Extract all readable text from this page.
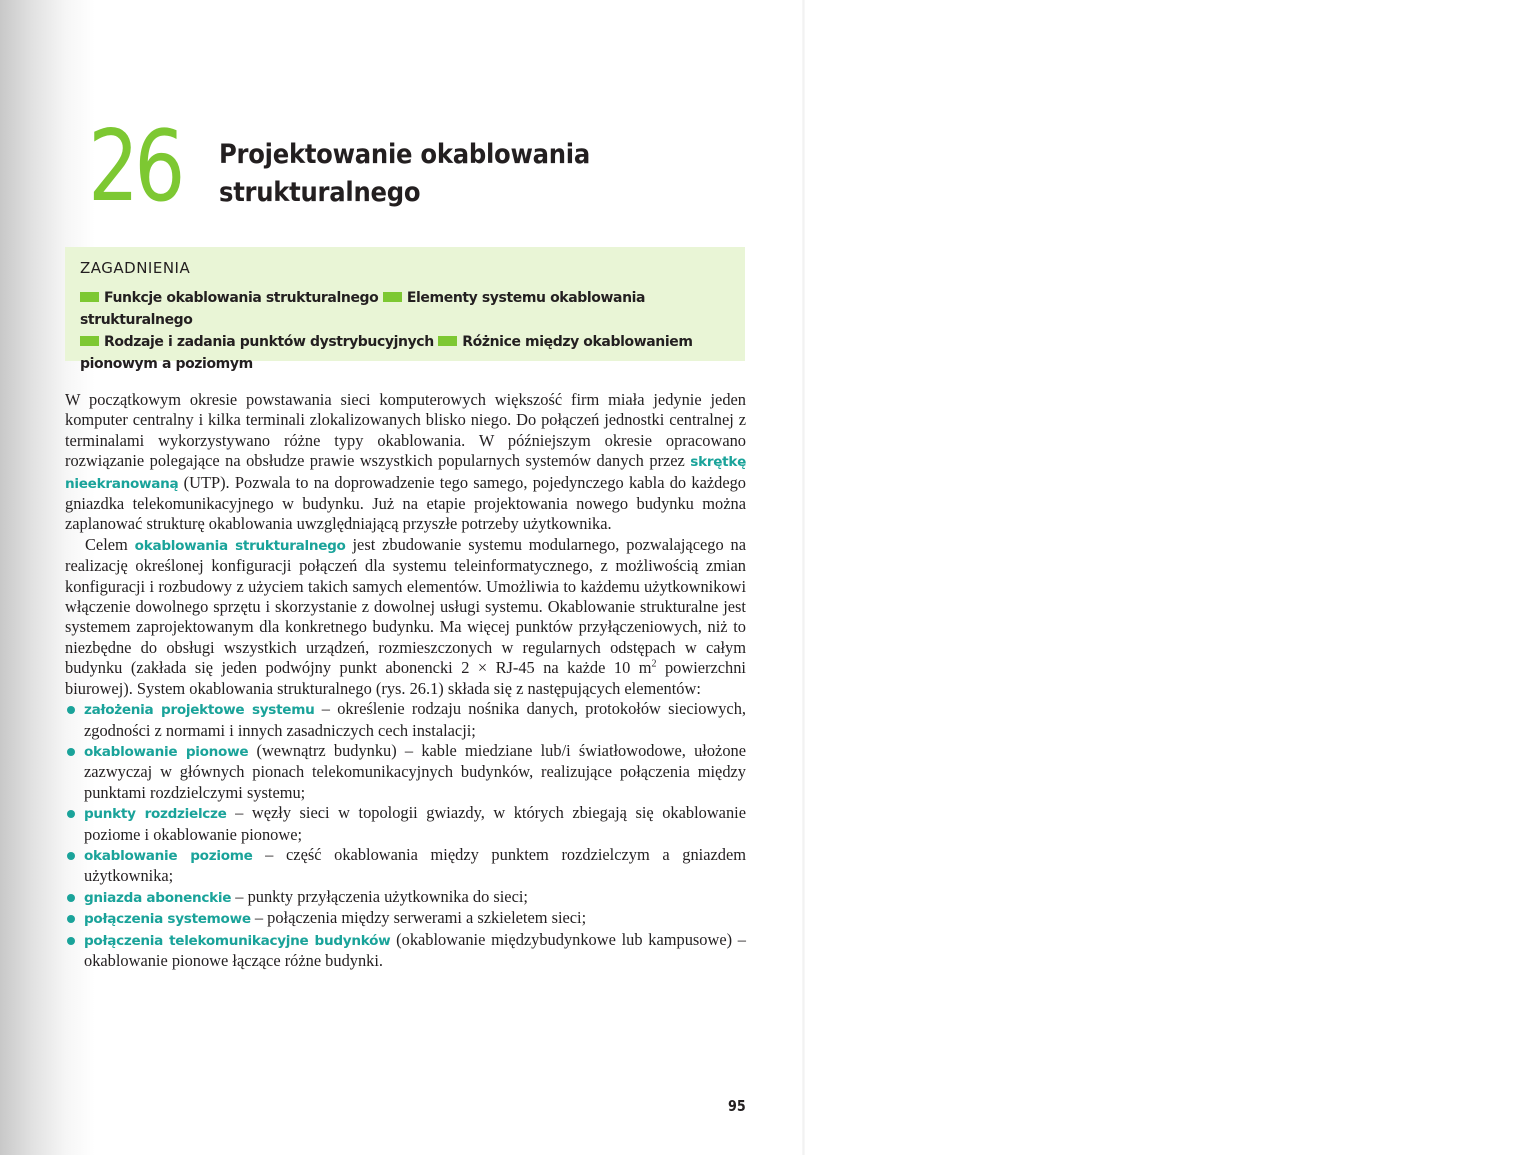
26 Projektowanie okablowania strukturalnego
ZAGADNIENIA
Funkcje okablowania strukturalnego Elementy systemu okablowania strukturalnego
Rodzaje i zadania punktów dystrybucyjnych Różnice między okablowaniem pionowym a poziomym

W początkowym okresie powstawania sieci komputerowych większość firm miała jedynie jeden komputer centralny i kilka terminali zlokalizowanych blisko niego. Do połączeń jednostki centralnej z terminalami wykorzystywano różne typy okablowania. W późniejszym okresie opracowano rozwiązanie polegające na obsłudze prawie wszystkich popularnych systemów danych przez skrętkę nieekranowaną (UTP). Pozwala to na doprowadzenie tego samego, pojedynczego kabla do każdego gniazdka telekomunikacyjnego w budynku. Już na etapie projektowania nowego budynku można zaplanować strukturę okablowania uwzględniającą przyszłe potrzeby użytkownika.

Celem okablowania strukturalnego jest zbudowanie systemu modularnego, pozwalającego na realizację określonej konfiguracji połączeń dla systemu teleinformatycznego, z możliwością zmian konfiguracji i rozbudowy z użyciem takich samych elementów. Umożliwia to każdemu użytkownikowi włączenie dowolnego sprzętu i skorzystanie z dowolnej usługi systemu. Okablowanie strukturalne jest systemem zaprojektowanym dla konkretnego budynku. Ma więcej punktów przyłączeniowych, niż to niezbędne do obsługi wszystkich urządzeń, rozmieszczonych w regularnych odstępach w całym budynku (zakłada się jeden podwójny punkt abonencki 2 × RJ-45 na każde 10 $m^2$ powierzchni biurowej). System okablowania strukturalnego (rys. 26.1) składa się z następujących elementów:

założenia projektowe systemu – określenie rodzaju nośnika danych, protokołów sieciowych, zgodności z normami i innych zasadniczych cech instalacji;
okablowanie pionowe (wewnątrz budynku) – kable miedziane lub/i światłowodowe, ułożone zazwyczaj w głównych pionach telekomunikacyjnych budynków, realizujące połączenia między punktami rozdzielczymi systemu;
punkty rozdzielcze – węzły sieci w topologii gwiazdy, w których zbiegają się okablowanie poziome i okablowanie pionowe;
okablowanie poziome – część okablowania między punktem rozdzielczym a gniazdem użytkownika;
gniazda abonenckie – punkty przyłączenia użytkownika do sieci;
połączenia systemowe – połączenia między serwerami a szkieletem sieci;
połączenia telekomunikacyjne budynków (okablowanie międzybudynkowe lub kampusowe) – okablowanie pionowe łączące różne budynki.
95
